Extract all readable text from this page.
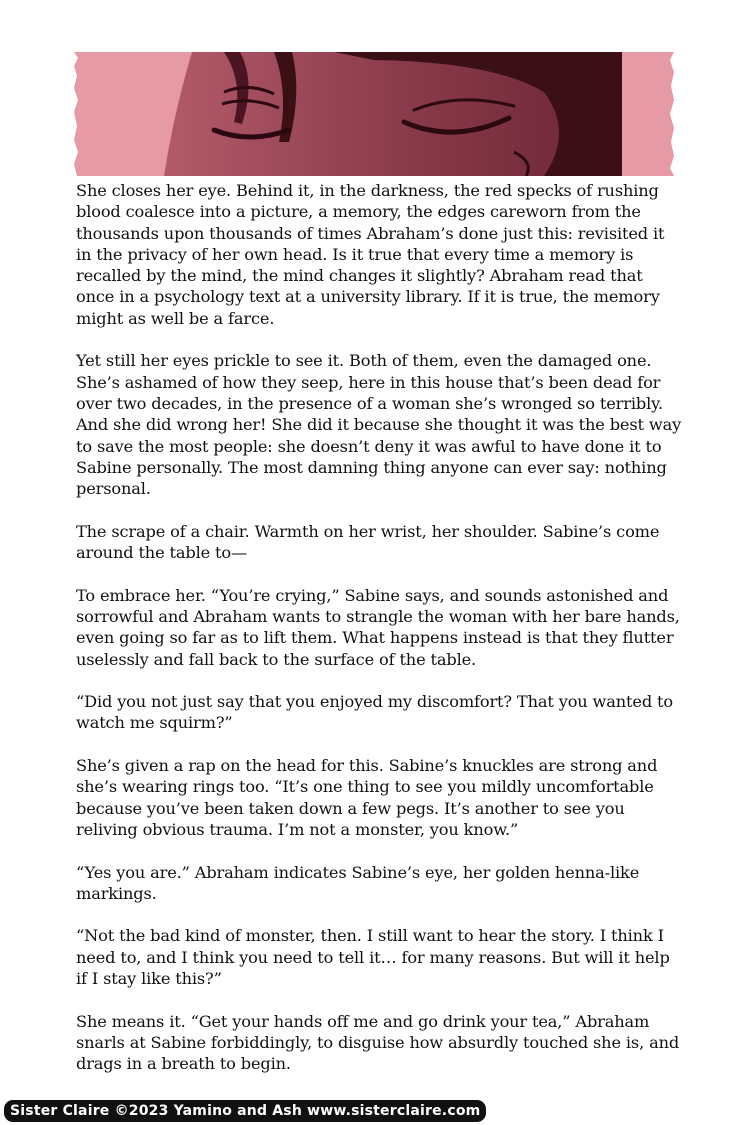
She closes her eye. Behind it, in the darkness, the red specks of rushing blood coalesce into a picture, a memory, the edges careworn from the thousands upon thousands of times Abraham’s done just this: revisited it in the privacy of her own head. Is it true that every time a memory is recalled by the mind, the mind changes it slightly? Abraham read that once in a psychology text at a university library. If it is true, the memory might as well be a farce.

Yet still her eyes prickle to see it. Both of them, even the damaged one. She’s ashamed of how they seep, here in this house that’s been dead for over two decades, in the presence of a woman she’s wronged so terribly. And she did wrong her! She did it because she thought it was the best way to save the most people: she doesn’t deny it was awful to have done it to Sabine personally. The most damning thing anyone can ever say: nothing personal.

The scrape of a chair. Warmth on her wrist, her shoulder. Sabine’s come around the table to—

To embrace her. “You’re crying,” Sabine says, and sounds astonished and sorrowful and Abraham wants to strangle the woman with her bare hands, even going so far as to lift them. What happens instead is that they flutter uselessly and fall back to the surface of the table.

“Did you not just say that you enjoyed my discomfort? That you wanted to watch me squirm?”

She’s given a rap on the head for this. Sabine’s knuckles are strong and she’s wearing rings too. “It’s one thing to see you mildly uncomfortable because you’ve been taken down a few pegs. It’s another to see you reliving obvious trauma. I’m not a monster, you know.”

“Yes you are.” Abraham indicates Sabine’s eye, her golden henna-like markings.

“Not the bad kind of monster, then. I still want to hear the story. I think I need to, and I think you need to tell it… for many reasons. But will it help if I stay like this?”

She means it. “Get your hands off me and go drink your tea,” Abraham snarls at Sabine forbiddingly, to disguise how absurdly touched she is, and drags in a breath to begin.

Sister Claire ©2023 Yamino and Ash www.sisterclaire.com
